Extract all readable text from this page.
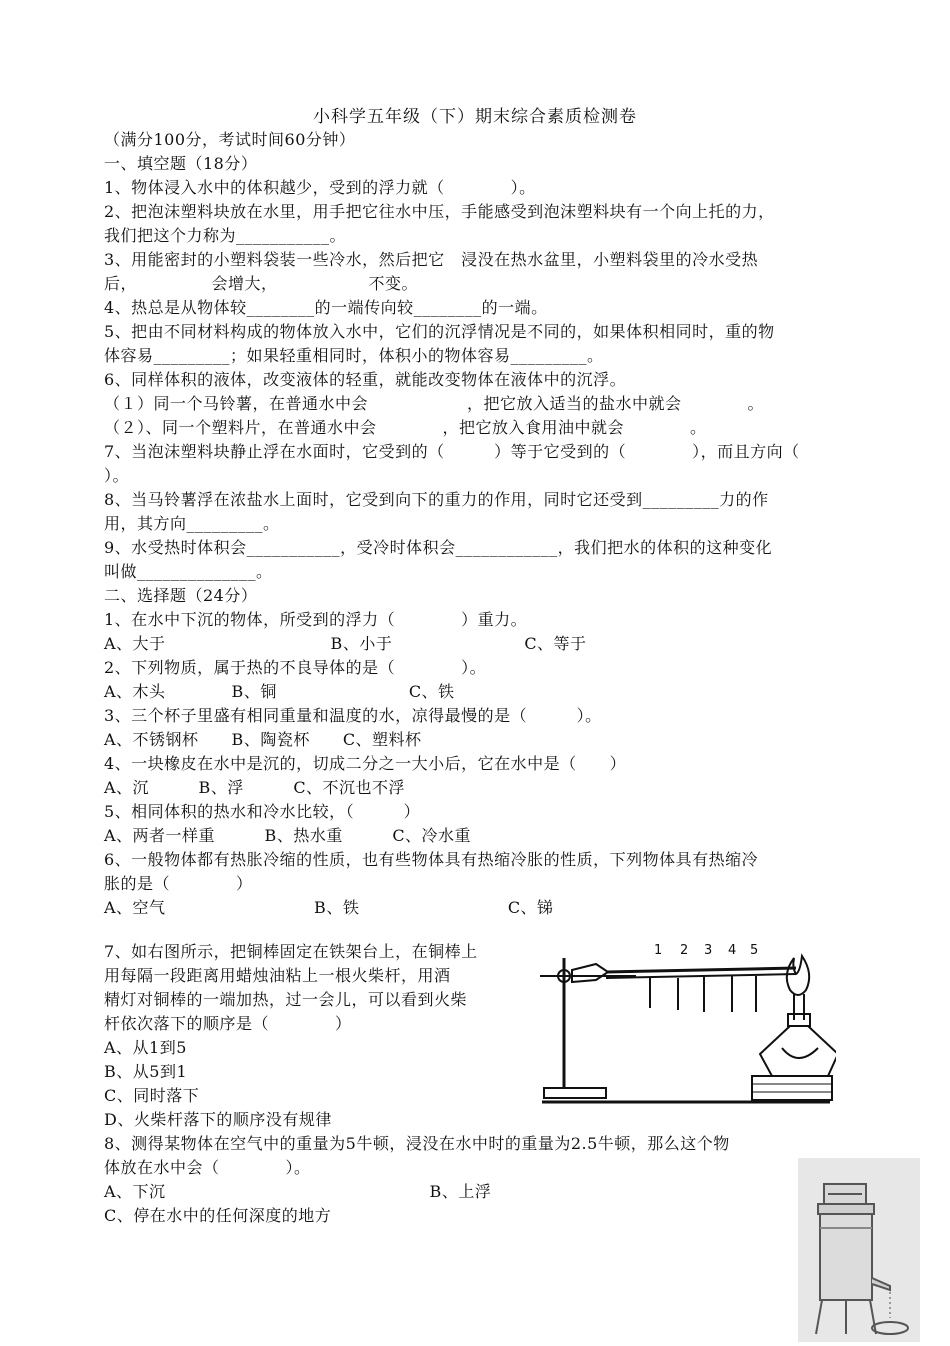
小科学五年级（下）期末综合素质检测卷
（满分100分，考试时间60分钟）
一、填空题（18分）
1、物体浸入水中的体积越少，受到的浮力就（　　　　）。
2、把泡沫塑料块放在水里，用手把它往水中压，手能感受到泡沫塑料块有一个向上托的力，
我们把这个力称为___________。
3、用能密封的小塑料袋装一些冷水，然后把它　浸没在热水盆里，小塑料袋里的冷水受热
后，　　　　　会增大，　　　　　　不变。
4、热总是从物体较________的一端传向较________的一端。
5、把由不同材料构成的物体放入水中，它们的沉浮情况是不同的，如果体积相同时，重的物
体容易_________；如果轻重相同时，体积小的物体容易_________。
6、同样体积的液体，改变液体的轻重，就能改变物体在液体中的沉浮。
（１）同一个马铃薯，在普通水中会　　　　　　，把它放入适当的盐水中就会　　　　。
（２）、同一个塑料片，在普通水中会　　　　，把它放入食用油中就会　　　　。
7、当泡沫塑料块静止浮在水面时，它受到的（　　　）等于它受到的（　　　　），而且方向（
）。
8、当马铃薯浮在浓盐水上面时，它受到向下的重力的作用，同时它还受到_________力的作
用，其方向_________。
9、水受热时体积会___________，受冷时体积会____________，我们把水的体积的这种变化
叫做______________。
二、选择题（24分）
1、在水中下沉的物体，所受到的浮力（　　　　）重力。
A、大于　　　　　　　　　　B、小于　　　　　　　　C、等于
2、下列物质，属于热的不良导体的是（　　　　）。
A、木头　　　　B、铜　　　　　　　　C、铁
3、三个杯子里盛有相同重量和温度的水，凉得最慢的是（　　　）。
A、不锈钢杯　　B、陶瓷杯　　C、塑料杯
4、一块橡皮在水中是沉的，切成二分之一大小后，它在水中是（　　）
A、沉　　　B、浮　　　C、不沉也不浮
5、相同体积的热水和冷水比较，（　　　）
A、两者一样重　　　B、热水重　　　C、冷水重
6、一般物体都有热胀冷缩的性质，也有些物体具有热缩冷胀的性质，下列物体具有热缩冷
胀的是（　　　　）
A、空气　　　　　　　　　B、铁　　　　　　　　　C、锑
7、如右图所示，把铜棒固定在铁架台上，在铜棒上
用每隔一段距离用蜡烛油粘上一根火柴杆，用酒
精灯对铜棒的一端加热，过一会儿，可以看到火柴
杆依次落下的顺序是（　　　　）
A、从1到5
B、从5到1
C、同时落下
D、火柴杆落下的顺序没有规律
8、测得某物体在空气中的重量为5牛顿，浸没在水中时的重量为2.5牛顿，那么这个物
体放在水中会（　　　　）。
A、下沉　　　　　　　　　　　　　　　　B、上浮
C、停在水中的任何深度的地方
1 2 3 4 5
